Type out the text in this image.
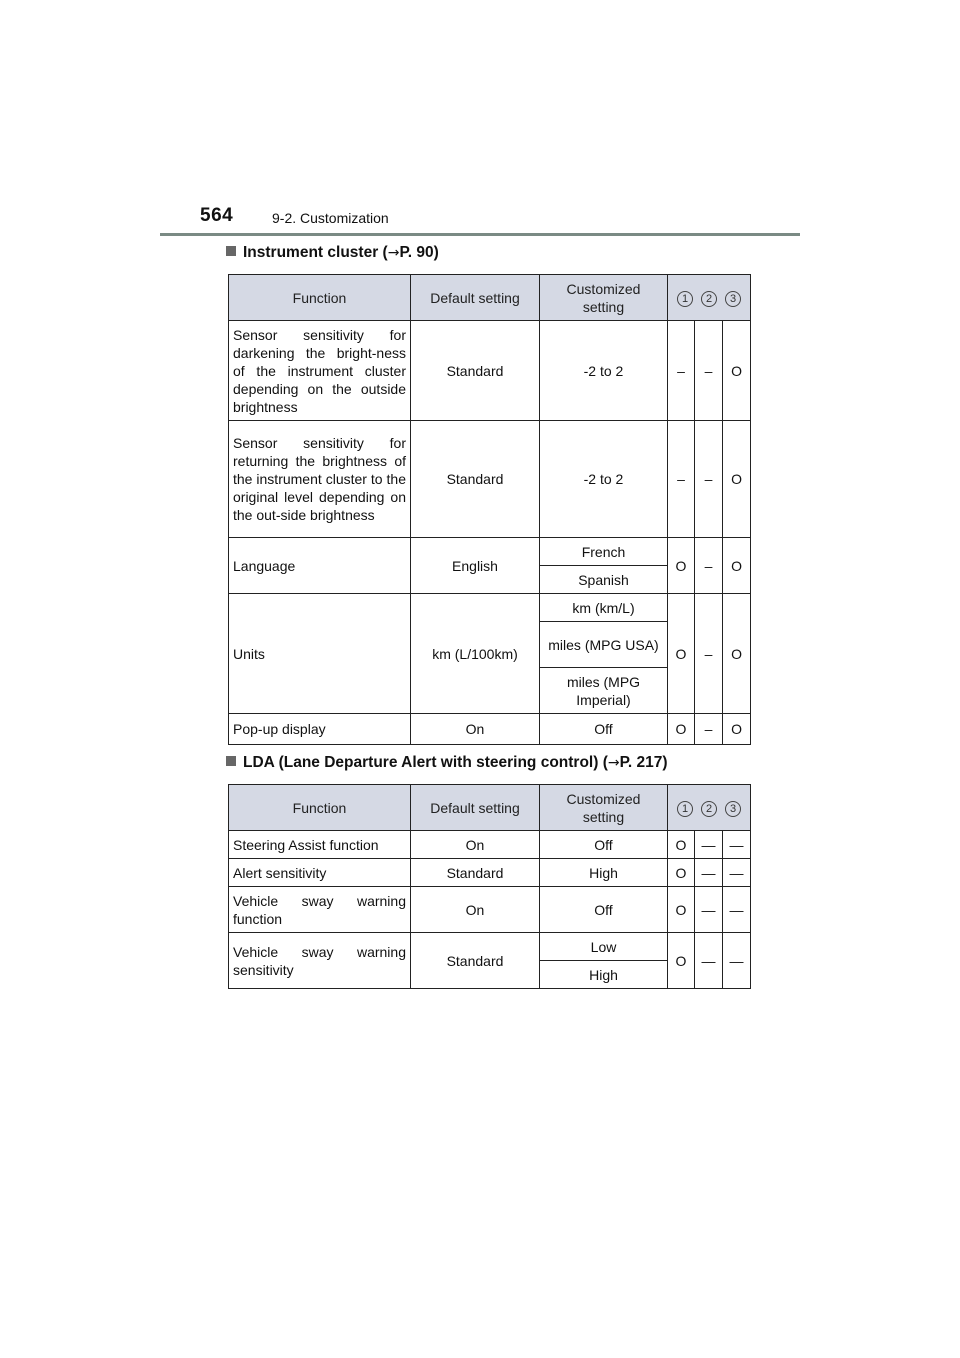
564	9-2. Customization
Instrument cluster (→P. 90)
Function	Default setting	Customized setting	1 2 3		
Sensor sensitivity for darkening the bright-ness of the instrument cluster depending on the outside brightness	Standard	-2 to 2	–	–	O
Sensor sensitivity for returning the brightness of the instrument cluster to the original level depending on the out-side brightness	Standard	-2 to 2	–	–	O
Language	English	French	O	–	O
		Spanish			
Units	km (L/100km)	km (km/L)	O	–	O
		miles (MPG USA)			
		miles (MPG Imperial)			
Pop-up display	On	Off	O	–	O
LDA (Lane Departure Alert with steering control) (→P. 217)
Function	Default setting	Customized setting	1 2 3		
Steering Assist function	On	Off	O	—	—
Alert sensitivity	Standard	High	O	—	—
Vehicle sway warning function	On	Off	O	—	—
Vehicle sway warning sensitivity	Standard	Low	O	—	—
		High			
